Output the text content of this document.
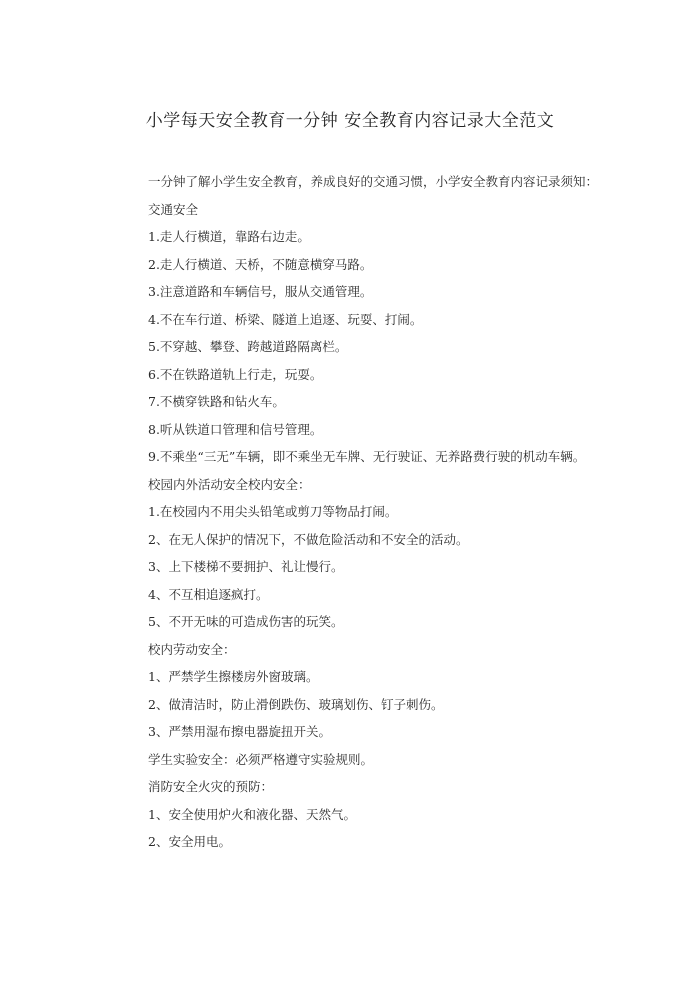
小学每天安全教育一分钟 安全教育内容记录大全范文

一分钟了解小学生安全教育，养成良好的交通习惯，小学安全教育内容记录须知：

交通安全

1.走人行横道，靠路右边走。

2.走人行横道、天桥，不随意横穿马路。

3.注意道路和车辆信号，服从交通管理。

4.不在车行道、桥梁、隧道上追逐、玩耍、打闹。

5.不穿越、攀登、跨越道路隔离栏。

6.不在铁路道轨上行走，玩耍。

7.不横穿铁路和钻火车。

8.听从铁道口管理和信号管理。

9.不乘坐“三无”车辆，即不乘坐无车牌、无行驶证、无养路费行驶的机动车辆。

校园内外活动安全校内安全：

1.在校园内不用尖头铅笔或剪刀等物品打闹。

2、在无人保护的情况下，不做危险活动和不安全的活动。

3、上下楼梯不要拥护、礼让慢行。

4、不互相追逐疯打。

5、不开无味的可造成伤害的玩笑。

校内劳动安全：

1、严禁学生擦楼房外窗玻璃。

2、做清洁时，防止滑倒跌伤、玻璃划伤、钉子刺伤。

3、严禁用湿布擦电器旋扭开关。

学生实验安全：必须严格遵守实验规则。

消防安全火灾的预防：

1、安全使用炉火和液化器、天然气。

2、安全用电。
